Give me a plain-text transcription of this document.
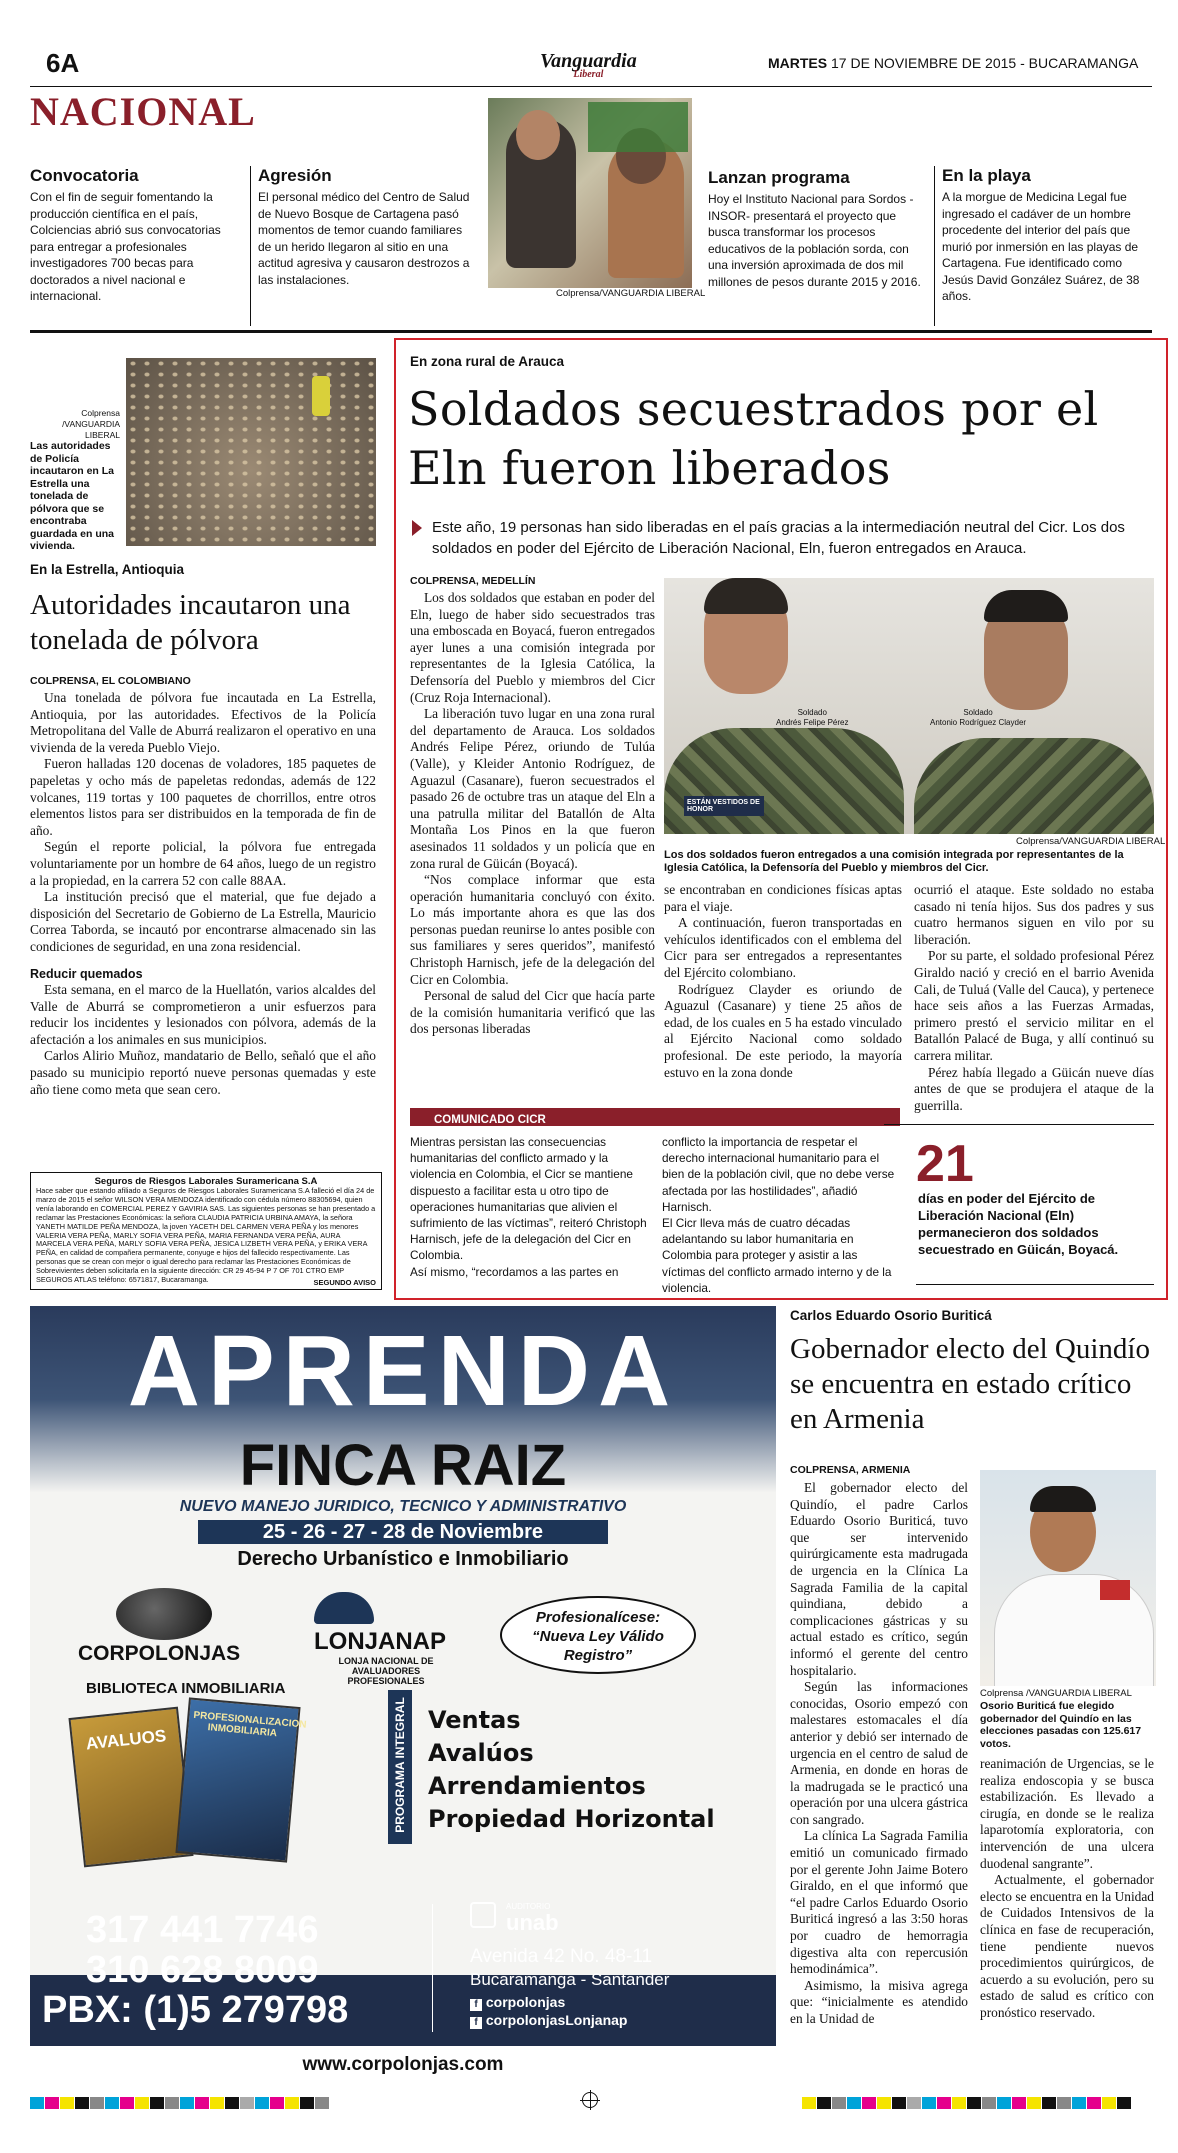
6A	Vanguardia
Liberal
MARTES 17 DE NOVIEMBRE DE 2015 - BUCARAMANGA
NACIONAL
Convocatoria

Con el fin de seguir fomentando la producción científica en el país, Colciencias abrió sus convocatorias para entregar a profesionales investigadores 700 becas para doctorados a nivel nacional e internacional.

Agresión

El personal médico del Centro de Salud de Nuevo Bosque de Cartagena pasó momentos de temor cuando familiares de un herido llegaron al sitio en una actitud agresiva y causaron destrozos a las instalaciones.

Colprensa/VANGUARDIA LIBERAL
Lanzan programa

Hoy el Instituto Nacional para Sordos - INSOR- presentará el proyecto que busca transformar los procesos educativos de la población sorda, con una inversión aproximada de dos mil millones de pesos durante 2015 y 2016.

En la playa

A la morgue de Medicina Legal fue ingresado el cadáver de un hombre procedente del interior del país que murió por inmersión en las playas de Cartagena. Fue identificado como Jesús David González Suárez, de 38 años.

Colprensa /VANGUARDIA LIBERAL
Las autoridades de Policía incautaron en La Estrella una tonelada de pólvora que se encontraba guardada en una vivienda.
En la Estrella, Antioquia
Autoridades incautaron una tonelada de pólvora
COLPRENSA, EL COLOMBIANO

Una tonelada de pólvora fue incautada en La Estrella, Antioquia, por las autoridades. Efectivos de la Policía Metropolitana del Valle de Aburrá realizaron el operativo en una vivienda de la vereda Pueblo Viejo.

Fueron halladas 120 docenas de voladores, 185 paquetes de papeletas y ocho más de papeletas redondas, además de 122 volcanes, 119 tortas y 100 paquetes de chorrillos, entre otros elementos listos para ser distribuidos en la temporada de fin de año.

Según el reporte policial, la pólvora fue entregada voluntariamente por un hombre de 64 años, luego de un registro a la propiedad, en la carrera 52 con calle 88AA.

La institución precisó que el material, que fue dejado a disposición del Secretario de Gobierno de La Estrella, Mauricio Correa Taborda, se incautó por encontrarse almacenado sin las condiciones de seguridad, en una zona residencial.

Reducir quemados

Esta semana, en el marco de la Huellatón, varios alcaldes del Valle de Aburrá se comprometieron a unir esfuerzos para reducir los incidentes y lesionados con pólvora, además de la afectación a los animales en sus municipios.

Carlos Alirio Muñoz, mandatario de Bello, señaló que el año pasado su municipio reportó nueve personas quemadas y este año tiene como meta que sean cero.

Seguros de Riesgos Laborales Suramericana S.A
Hace saber que estando afiliado a Seguros de Riesgos Laborales Suramericana S.A falleció el día 24 de marzo de 2015 el señor WILSON VERA MENDOZA identificado con cédula número 88305694, quien venía laborando en COMERCIAL PEREZ Y GAVIRIA SAS. Las siguientes personas se han presentado a reclamar las Prestaciones Económicas: la señora CLAUDIA PATRICIA URBINA AMAYA, la señora YANETH MATILDE PEÑA MENDOZA, la joven YACETH DEL CARMEN VERA PEÑA y los menores VALERIA VERA PEÑA, MARLY SOFIA VERA PEÑA, MARIA FERNANDA VERA PEÑA, AURA MARCELA VERA PEÑA, MARLY SOFIA VERA PEÑA, JESICA LIZBETH VERA PEÑA, y ERIKA VERA PEÑA, en calidad de compañera permanente, conyuge e hijos del fallecido respectivamente. Las personas que se crean con mejor o igual derecho para reclamar las Prestaciones Económicas de Sobrevivientes deben solicitarla en la siguiente dirección: CR 29 45-94 P 7 OF 701 CTRO EMP SEGUROS ATLAS teléfono: 6571817, Bucaramanga.	SEGUNDO AVISO
En zona rural de Arauca
Soldados secuestrados por el Eln fueron liberados
Este año, 19 personas han sido liberadas en el país gracias a la intermediación neutral del Cicr. Los dos soldados en poder del Ejército de Liberación Nacional, Eln, fueron entregados en Arauca.
COLPRENSA, MEDELLÍN

Los dos soldados que estaban en poder del Eln, luego de haber sido secuestrados tras una emboscada en Boyacá, fueron entregados ayer lunes a una comisión integrada por representantes de la Iglesia Católica, la Defensoría del Pueblo y miembros del Cicr (Cruz Roja Internacional).

La liberación tuvo lugar en una zona rural del departamento de Arauca. Los soldados Andrés Felipe Pérez, oriundo de Tulúa (Valle), y Kleider Antonio Rodríguez, de Aguazul (Casanare), fueron secuestrados el pasado 26 de octubre tras un ataque del Eln a una patrulla militar del Batallón de Alta Montaña Los Pinos en la que fueron asesinados 11 soldados y un policía que en zona rural de Güicán (Boyacá).

“Nos complace informar que esta operación humanitaria concluyó con éxito. Lo más importante ahora es que las dos personas puedan reunirse lo antes posible con sus familiares y seres queridos”, manifestó Christoph Harnisch, jefe de la delegación del Cicr en Colombia.

Personal de salud del Cicr que hacía parte de la comisión humanitaria verificó que las dos personas liberadas

ESTÁN VESTIDOS DE HONOR
Soldado
Andrés Felipe Pérez
Soldado
Antonio Rodríguez Clayder
Colprensa/VANGUARDIA LIBERAL
Los dos soldados fueron entregados a una comisión integrada por representantes de la Iglesia Católica, la Defensoría del Pueblo y miembros del Cicr.

se encontraban en condiciones físicas aptas para el viaje.

A continuación, fueron transportadas en vehículos identificados con el emblema del Cicr para ser entregados a representantes del Ejército colombiano.

Rodríguez Clayder es oriundo de Aguazul (Casanare) y tiene 25 años de edad, de los cuales en 5 ha estado vinculado al Ejército Nacional como soldado profesional. De este periodo, la mayoría estuvo en la zona donde

ocurrió el ataque. Este soldado no estaba casado ni tenía hijos. Sus dos padres y sus cuatro hermanos siguen en vilo por su liberación.

Por su parte, el soldado profesional Pérez Giraldo nació y creció en el barrio Avenida Cali, de Tuluá (Valle del Cauca), y pertenece hace seis años a las Fuerzas Armadas, primero prestó el servicio militar en el Batallón Palacé de Buga, y allí continuó su carrera militar.

Pérez había llegado a Güicán nueve días antes de que se produjera el ataque de la guerrilla.

COMUNICADO CICR
Mientras persistan las consecuencias humanitarias del conflicto armado y la violencia en Colombia, el Cicr se mantiene dispuesto a facilitar esta u otro tipo de operaciones humanitarias que alivien el sufrimiento de las víctimas”, reiteró Christoph Harnisch, jefe de la delegación del Cicr en Colombia.
Así mismo, “recordamos a las partes en
conflicto la importancia de respetar el derecho internacional humanitario para el bien de la población civil, que no debe verse afectada por las hostilidades”, añadió Harnisch.
El Cicr lleva más de cuatro décadas adelantando su labor humanitaria en Colombia para proteger y asistir a las víctimas del conflicto armado interno y de la violencia.
21
días en poder del Ejército de Liberación Nacional (Eln) permanecieron dos soldados secuestrado en Güicán, Boyacá.
APRENDA
FINCA RAIZ
NUEVO MANEJO JURIDICO, TECNICO Y ADMINISTRATIVO
25 - 26 - 27 - 28 de Noviembre
Derecho Urbanístico e Inmobiliario
CORPOLONJAS	LONJANAP
LONJA NACIONAL DE AVALUADORES PROFESIONALES
Profesionalícese: “Nueva Ley Válido Registro”
BIBLIOTECA INMOBILIARIA
AVALUOS
PROFESIONALIZACION INMOBILIARIA	PROGRAMA INTEGRAL Ventas
Avalúos
Arrendamientos
Propiedad Horizontal
317 441 7746
310 628 8009
PBX: (1)5 279798
AUDITORIO
unab
Avenida 42 No. 48-11
Bucaramanga - Santander
f corpolonjas
f corpolonjasLonjanap
www.corpolonjas.com
Carlos Eduardo Osorio Buriticá
Gobernador electo del Quindío se encuentra en estado crítico en Armenia
COLPRENSA, ARMENIA

El gobernador electo del Quindío, el padre Carlos Eduardo Osorio Buriticá, tuvo que ser intervenido quirúrgicamente esta madrugada de urgencia en la Clínica La Sagrada Familia de la capital quindiana, debido a complicaciones gástricas y su actual estado es crítico, según informó el gerente del centro hospitalario.

Según las informaciones conocidas, Osorio empezó con malestares estomacales el día anterior y debió ser internado de urgencia en el centro de salud de Armenia, en donde en horas de la madrugada se le practicó una operación por una ulcera gástrica con sangrado.

La clínica La Sagrada Familia emitió un comunicado firmado por el gerente John Jaime Botero Giraldo, en el que informó que “el padre Carlos Eduardo Osorio Buriticá ingresó a las 3:50 horas por cuadro de hemorragia digestiva alta con repercusión hemodinámica”.

Asimismo, la misiva agrega que: “inicialmente es atendido en la Unidad de

Colprensa /VANGUARDIA LIBERAL
Osorio Buriticá fue elegido gobernador del Quindío en las elecciones pasadas con 125.617 votos.

reanimación de Urgencias, se le realiza endoscopia y se busca estabilización. Es llevado a cirugía, en donde se le realiza laparotomía exploratoria, con intervención de una ulcera duodenal sangrante”.

Actualmente, el gobernador electo se encuentra en la Unidad de Cuidados Intensivos de la clínica en fase de recuperación, tiene pendiente nuevos procedimientos quirúrgicos, de acuerdo a su evolución, pero su estado de salud es crítico con pronóstico reservado.
